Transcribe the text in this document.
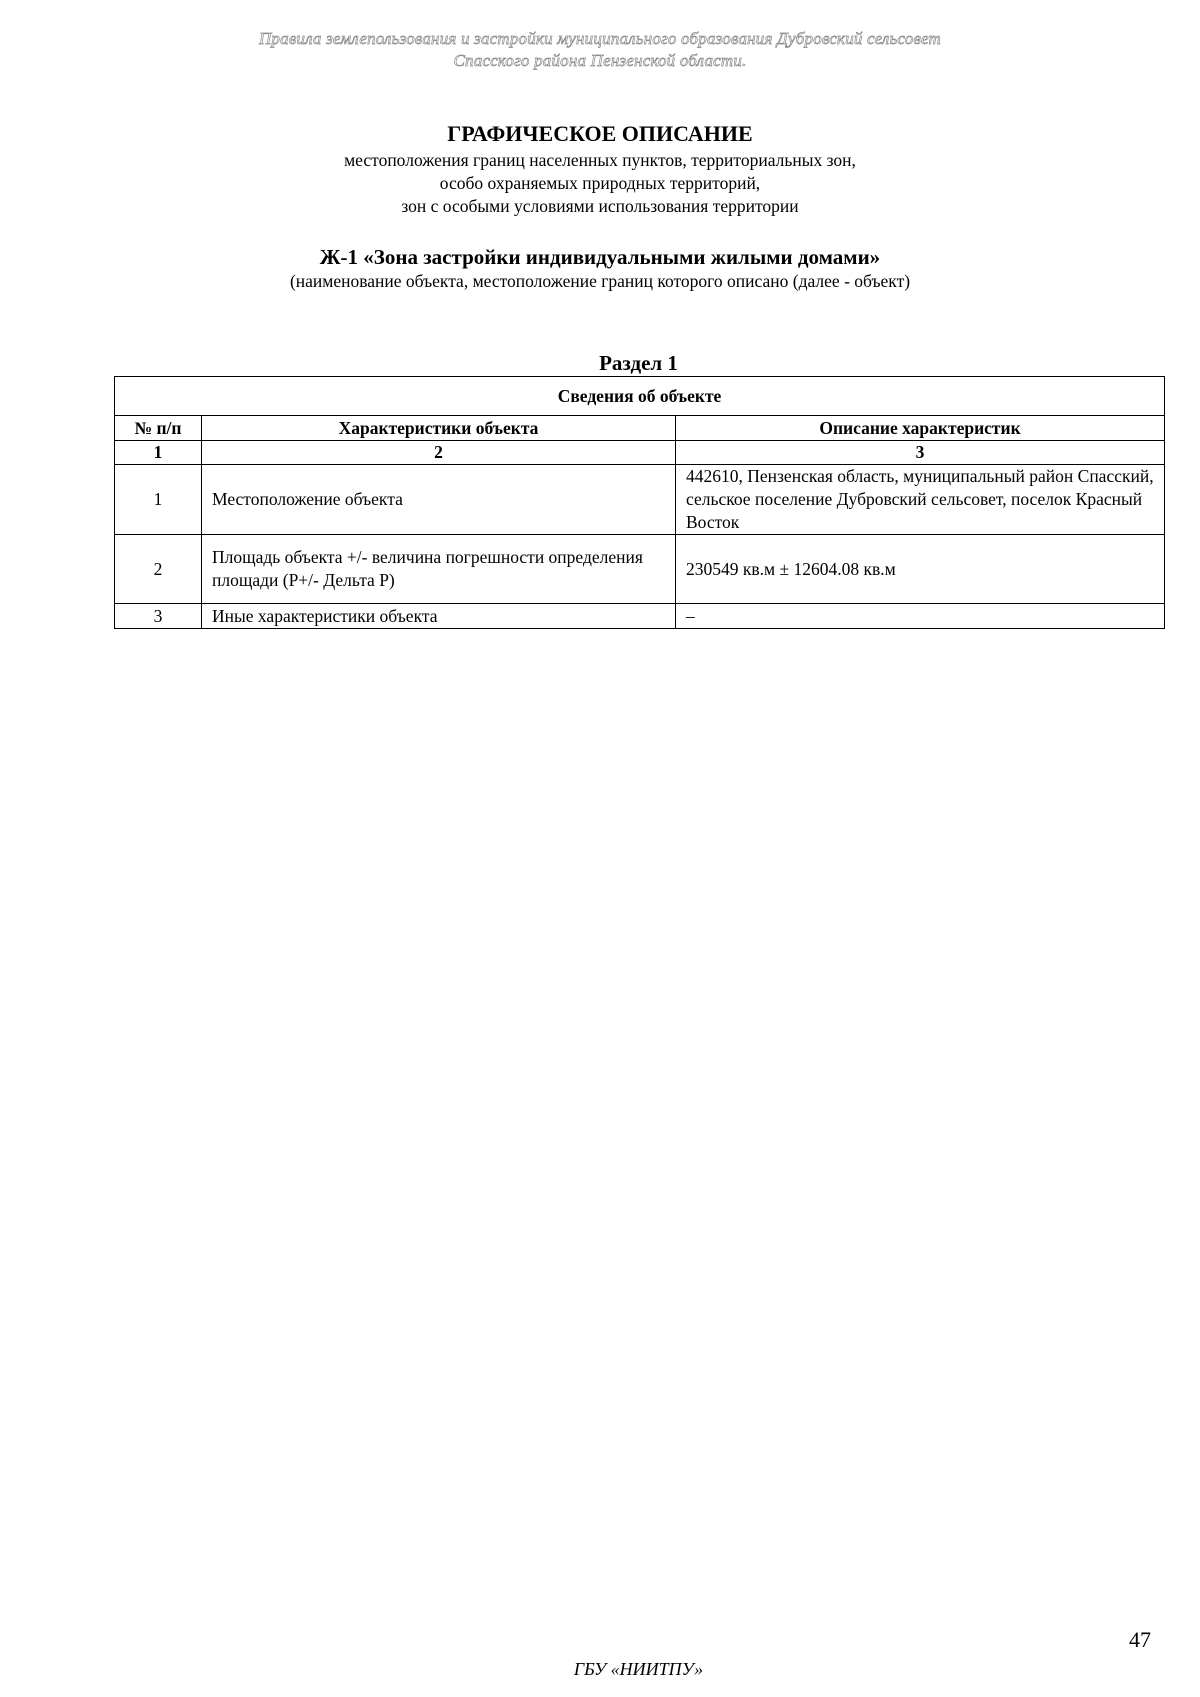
Правила землепользования и застройки муниципального образования Дубровский сельсовет
Спасского района Пензенской области.
ГРАФИЧЕСКОЕ ОПИСАНИЕ
местоположения границ населенных пунктов, территориальных зон,
особо охраняемых природных территорий,
зон с особыми условиями использования территории
Ж-1 «Зона застройки индивидуальными жилыми домами»
(наименование объекта, местоположение границ которого описано (далее - объект)
Раздел 1
Сведения об объекте		
№ п/п	Характеристики объекта	Описание характеристик
1	2	3
1	Местоположение объекта	442610, Пензенская область, муниципальный район Спасский, сельское поселение Дубровский сельсовет, поселок Красный Восток
2	Площадь объекта +/- величина погрешности определения площади (P+/- Дельта P)	230549 кв.м ± 12604.08 кв.м
3	Иные характеристики объекта	–
47
ГБУ «НИИТПУ»
